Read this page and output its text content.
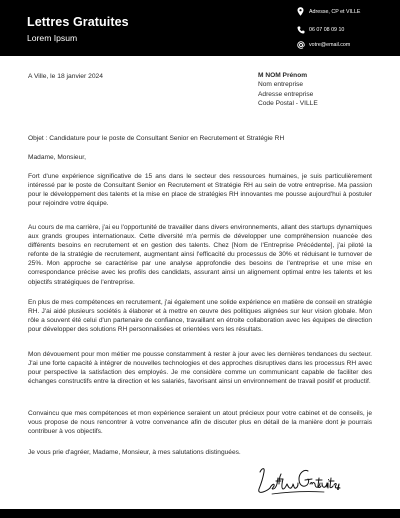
Lettres Gratuites
Lorem Ipsum
Adresse, CP et VILLE
06 07 08 09 10
votre@email.com
A Ville, le 18 janvier 2024	M NOM Prénom
Nom entreprise
Adresse entreprise
Code Postal - VILLE
Objet : Candidature pour le poste de Consultant Senior en Recrutement et Stratégie RH
Madame, Monsieur,
Fort d'une expérience significative de 15 ans dans le secteur des ressources humaines, je suis particulièrement intéressé par le poste de Consultant Senior en Recrutement et Stratégie RH au sein de votre entreprise. Ma passion pour le développement des talents et la mise en place de stratégies RH innovantes me pousse aujourd'hui à postuler pour rejoindre votre équipe.
Au cours de ma carrière, j'ai eu l'opportunité de travailler dans divers environnements, allant des startups dynamiques aux grands groupes internationaux. Cette diversité m'a permis de développer une compréhension nuancée des différents besoins en recrutement et en gestion des talents. Chez [Nom de l'Entreprise Précédente], j'ai piloté la refonte de la stratégie de recrutement, augmentant ainsi l'efficacité du processus de 30% et réduisant le turnover de 25%. Mon approche se caractérise par une analyse approfondie des besoins de l'entreprise et une mise en correspondance précise avec les profils des candidats, assurant ainsi un alignement optimal entre les talents et les objectifs stratégiques de l'entreprise.
En plus de mes compétences en recrutement, j'ai également une solide expérience en matière de conseil en stratégie RH. J'ai aidé plusieurs sociétés à élaborer et à mettre en œuvre des politiques alignées sur leur vision globale. Mon rôle a souvent été celui d'un partenaire de confiance, travaillant en étroite collaboration avec les équipes de direction pour développer des solutions RH personnalisées et orientées vers les résultats.
Mon dévouement pour mon métier me pousse constamment à rester à jour avec les dernières tendances du secteur. J'ai une forte capacité à intégrer de nouvelles technologies et des approches disruptives dans les processus RH avec pour perspective la satisfaction des employés. Je me considère comme un communicant capable de faciliter des échanges constructifs entre la direction et les salariés, favorisant ainsi un environnement de travail positif et productif.
Convaincu que mes compétences et mon expérience seraient un atout précieux pour votre cabinet et de conseils, je vous propose de nous rencontrer à votre convenance afin de discuter plus en détail de la manière dont je pourrais contribuer à vos objectifs.
Je vous prie d'agréer, Madame, Monsieur, à mes salutations distinguées.
